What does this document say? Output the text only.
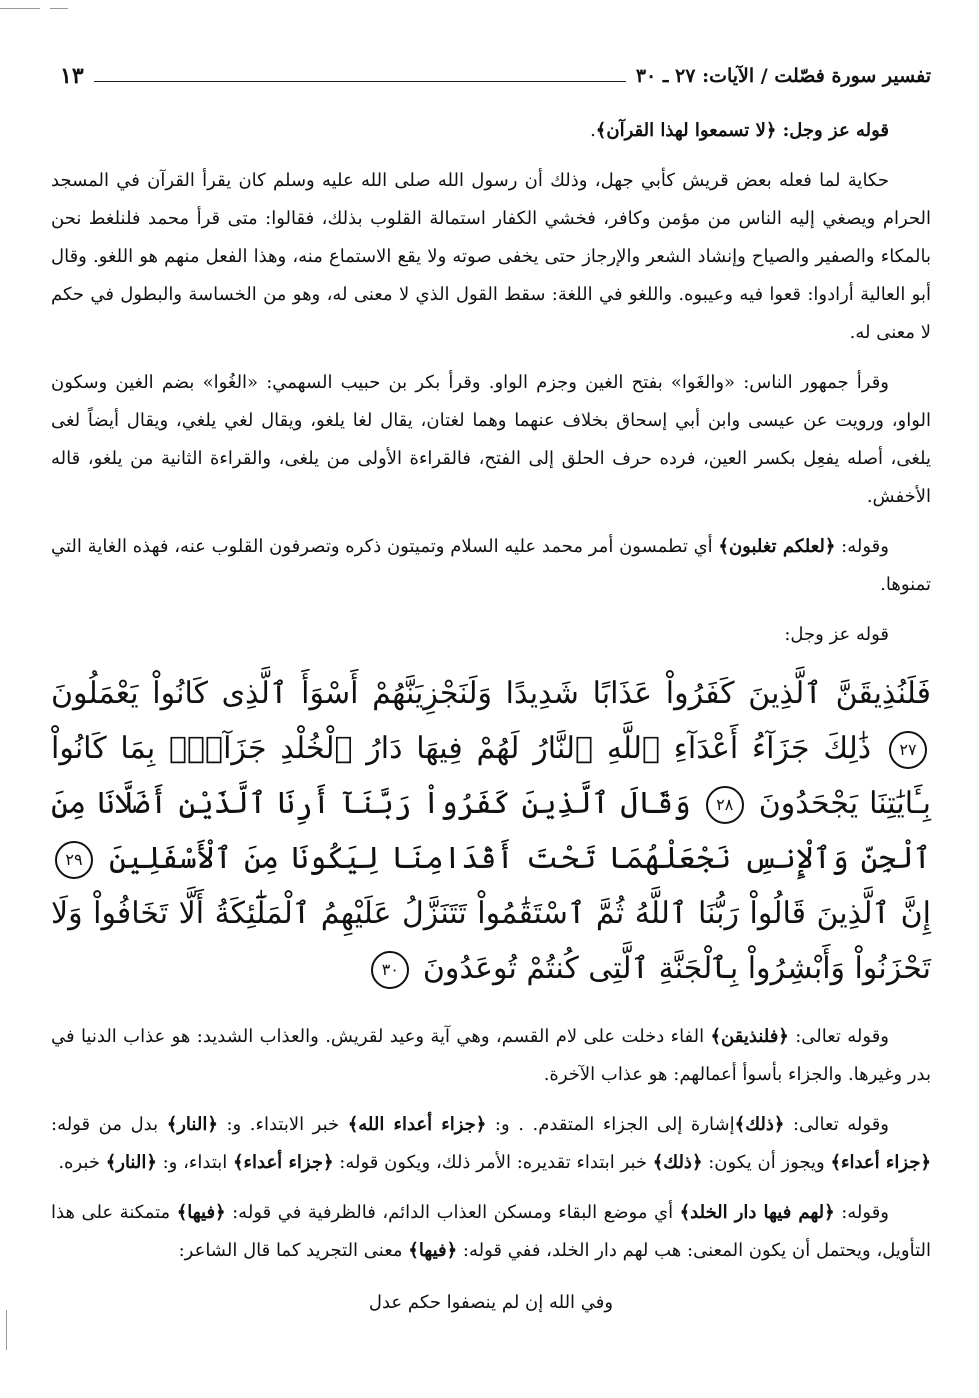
تفسير سورة فصّلت / الآيات: ٢٧ ـ ٣٠
١٣

قوله عز وجل: ﴿لا تسمعوا لهذا القرآن﴾.

حكاية لما فعله بعض قريش كأبي جهل، وذلك أن رسول الله صلى الله عليه وسلم كان يقرأ القرآن في المسجد الحرام ويصغي إليه الناس من مؤمن وكافر، فخشي الكفار استمالة القلوب بذلك، فقالوا: متى قرأ محمد فلنلغط نحن بالمكاء والصفير والصياح وإنشاد الشعر والإرجاز حتى يخفى صوته ولا يقع الاستماع منه، وهذا الفعل منهم هو اللغو. وقال أبو العالية أرادوا: قعوا فيه وعيبوه. واللغو في اللغة: سقط القول الذي لا معنى له، وهو من الخساسة والبطول في حكم لا معنى له.

وقرأ جمهور الناس: «والغَوا» بفتح الغين وجزم الواو. وقرأ بكر بن حبيب السهمي: «الغُوا» بضم الغين وسكون الواو، ورويت عن عيسى وابن أبي إسحاق بخلاف عنهما وهما لغتان، يقال لغا يلغو، ويقال لغي يلغي، ويقال أيضاً لغى يلغى، أصله يفعِل بكسر العين، فرده حرف الحلق إلى الفتح، فالقراءة الأولى من يلغى، والقراءة الثانية من يلغو، قاله الأخفش.

وقوله: ﴿لعلكم تغلبون﴾ أي تطمسون أمر محمد عليه السلام وتميتون ذكره وتصرفون القلوب عنه، فهذه الغاية التي تمنوها.

قوله عز وجل:

فَلَنُذِيقَنَّ ٱلَّذِينَ كَفَرُواْ عَذَابًا شَدِيدًا وَلَنَجْزِيَنَّهُمْ أَسْوَأَ ٱلَّذِى كَانُواْ يَعْمَلُونَ ٢٧ ذَٰلِكَ جَزَآءُ أَعْدَآءِ ٱللَّهِ ٱلنَّارُ لَهُمْ فِيهَا دَارُ ٱلْخُلْدِ جَزَآءًۢ بِمَا كَانُواْ بِـَٔايَٰتِنَا يَجْحَدُونَ ٢٨ وَقَالَ ٱلَّذِينَ كَفَرُواْ رَبَّنَآ أَرِنَا ٱلَّذَيْنِ أَضَلَّانَا مِنَ ٱلْجِنِّ وَٱلْإِنسِ نَجْعَلْهُمَا تَحْتَ أَقْدَامِنَا لِيَكُونَا مِنَ ٱلْأَسْفَلِينَ ٢٩ إِنَّ ٱلَّذِينَ قَالُواْ رَبُّنَا ٱللَّهُ ثُمَّ ٱسْتَقَٰمُواْ تَتَنَزَّلُ عَلَيْهِمُ ٱلْمَلَٰٓئِكَةُ أَلَّا تَخَافُواْ وَلَا تَحْزَنُواْ وَأَبْشِرُواْ بِٱلْجَنَّةِ ٱلَّتِى كُنتُمْ تُوعَدُونَ ٣٠

وقوله تعالى: ﴿فلنذيقن﴾ الفاء دخلت على لام القسم، وهي آية وعيد لقريش. والعذاب الشديد: هو عذاب الدنيا في بدر وغيرها. والجزاء بأسوأ أعمالهم: هو عذاب الآخرة.

وقوله تعالى: ﴿ذلك﴾إشارة إلى الجزاء المتقدم. . و: ﴿جزاء أعداء الله﴾ خبر الابتداء. و: ﴿النار﴾ بدل من قوله: ﴿جزاء أعداء﴾ ويجوز أن يكون: ﴿ذلك﴾ خبر ابتداء تقديره: الأمر ذلك، ويكون قوله: ﴿جزاء أعداء﴾ ابتداء، و: ﴿النار﴾ خبره.

وقوله: ﴿لهم فيها دار الخلد﴾ أي موضع البقاء ومسكن العذاب الدائم، فالظرفية في قوله: ﴿فيها﴾ متمكنة على هذا التأويل، ويحتمل أن يكون المعنى: هب لهم دار الخلد، ففي قوله: ﴿فيها﴾ معنى التجريد كما قال الشاعر:

وفي الله إن لم ينصفوا حكم عدل
